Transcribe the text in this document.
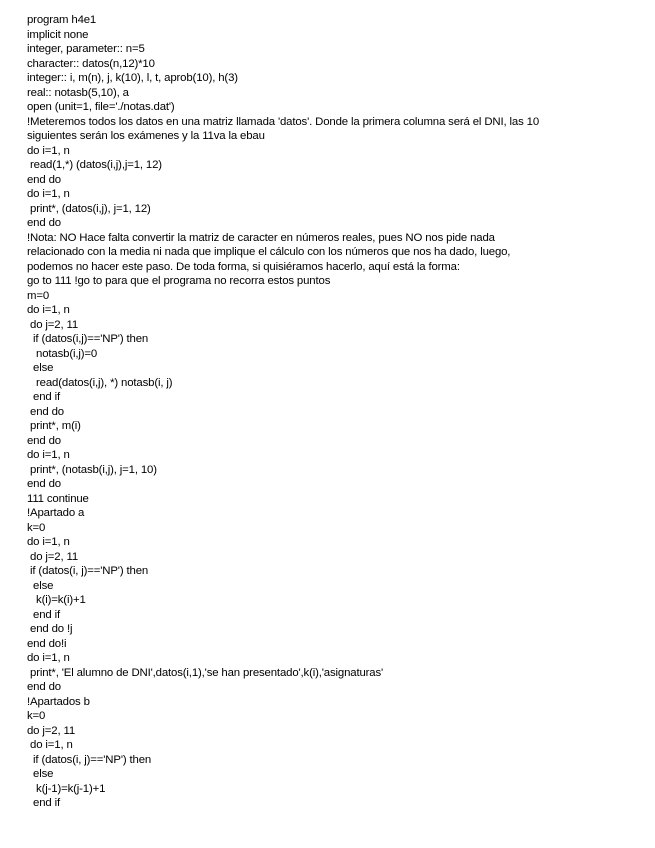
program h4e1
implicit none
integer, parameter:: n=5
character:: datos(n,12)*10
integer:: i, m(n), j, k(10), l, t, aprob(10), h(3)
real:: notasb(5,10), a
open (unit=1, file='./notas.dat')
!Meteremos todos los datos en una matriz llamada 'datos'. Donde la primera columna será el DNI, las 10
siguientes serán los exámenes y la 11va la ebau
do i=1, n
read(1,*) (datos(i,j),j=1, 12)
end do
do i=1, n
print*, (datos(i,j), j=1, 12)
end do
!Nota: NO Hace falta convertir la matriz de caracter en números reales, pues NO nos pide nada
relacionado con la media ni nada que implique el cálculo con los números que nos ha dado, luego,
podemos no hacer este paso. De toda forma, si quisiéramos hacerlo, aquí está la forma:
go to 111 !go to para que el programa no recorra estos puntos
m=0
do i=1, n
do j=2, 11
if (datos(i,j)=='NP') then
notasb(i,j)=0
else
read(datos(i,j), *) notasb(i, j)
end if
end do
print*, m(i)
end do
do i=1, n
print*, (notasb(i,j), j=1, 10)
end do
111 continue
!Apartado a
k=0
do i=1, n
do j=2, 11
if (datos(i, j)=='NP') then
else
k(i)=k(i)+1
end if
end do !j
end do!i
do i=1, n
print*, 'El alumno de DNI',datos(i,1),'se han presentado',k(i),'asignaturas'
end do
!Apartados b
k=0
do j=2, 11
do i=1, n
if (datos(i, j)=='NP') then
else
k(j-1)=k(j-1)+1
end if
